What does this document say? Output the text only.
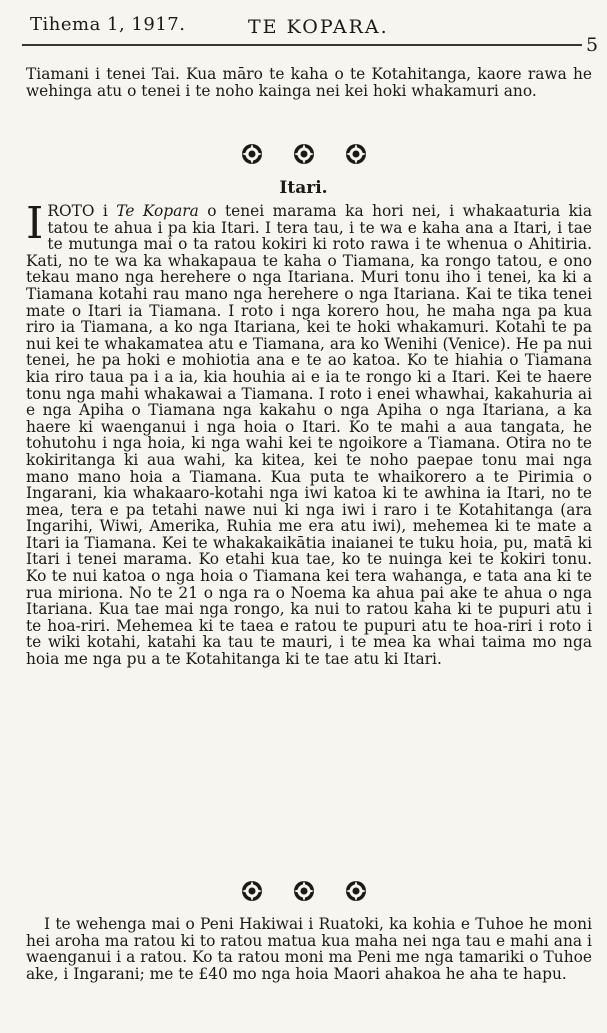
Tihema 1, 1917.	TE KOPARA.
5

Tiamani i tenei Tai. Kua māro te kaha o te Kotahitanga, kaore rawa he wehinga atu o tenei i te noho kainga nei kei hoki whakamuri ano.

Itari.

IROTO i Te Kopara o tenei marama ka hori nei, i whakaaturia kia tatou te ahua i pa kia Itari. I tera tau, i te wa e kaha ana a Itari, i tae te mutunga mai o ta ratou kokiri ki roto rawa i te whenua o Ahitiria. Kati, no te wa ka whakapaua te kaha o Tiamana, ka rongo tatou, e ono tekau mano nga herehere o nga Itariana. Muri tonu iho i tenei, ka ki a Tiamana kotahi rau mano nga herehere o nga Itariana. Kai te tika tenei mate o Itari ia Tiamana. I roto i nga korero hou, he maha nga pa kua riro ia Tiamana, a ko nga Itariana, kei te hoki whakamuri. Kotahi te pa nui kei te whakamatea atu e Tiamana, ara ko Wenihi (Venice). He pa nui tenei, he pa hoki e mohiotia ana e te ao katoa. Ko te hiahia o Tiamana kia riro taua pa i a ia, kia houhia ai e ia te rongo ki a Itari. Kei te haere tonu nga mahi whakawai a Tiamana. I roto i enei whawhai, kakahuria ai e nga Apiha o Tiamana nga kakahu o nga Apiha o nga Itariana, a ka haere ki waenganui i nga hoia o Itari. Ko te mahi a aua tangata, he tohutohu i nga hoia, ki nga wahi kei te ngoikore a Tiamana. Otira no te kokiritanga ki aua wahi, ka kitea, kei te noho paepae tonu mai nga mano mano hoia a Tiamana. Kua puta te whaikorero a te Pirimia o Ingarani, kia whakaaro-kotahi nga iwi katoa ki te awhina ia Itari, no te mea, tera e pa tetahi nawe nui ki nga iwi i raro i te Kotahitanga (ara Ingarihi, Wiwi, Amerika, Ruhia me era atu iwi), mehemea ki te mate a Itari ia Tiamana. Kei te whakakaikātia inaianei te tuku hoia, pu, matā ki Itari i tenei marama. Ko etahi kua tae, ko te nuinga kei te kokiri tonu. Ko te nui katoa o nga hoia o Tiamana kei tera wahanga, e tata ana ki te rua miriona. No te 21 o nga ra o Noema ka ahua pai ake te ahua o nga Itariana. Kua tae mai nga rongo, ka nui to ratou kaha ki te pupuri atu i te hoa-riri. Mehemea ki te taea e ratou te pupuri atu te hoa-riri i roto i te wiki kotahi, katahi ka tau te mauri, i te mea ka whai taima mo nga hoia me nga pu a te Kotahitanga ki te tae atu ki Itari.

I te wehenga mai o Peni Hakiwai i Ruatoki, ka kohia e Tuhoe he moni hei aroha ma ratou ki to ratou matua kua maha nei nga tau e mahi ana i waenganui i a ratou. Ko ta ratou moni ma Peni me nga tamariki o Tuhoe ake, i Ingarani; me te £40 mo nga hoia Maori ahakoa he aha te hapu.
